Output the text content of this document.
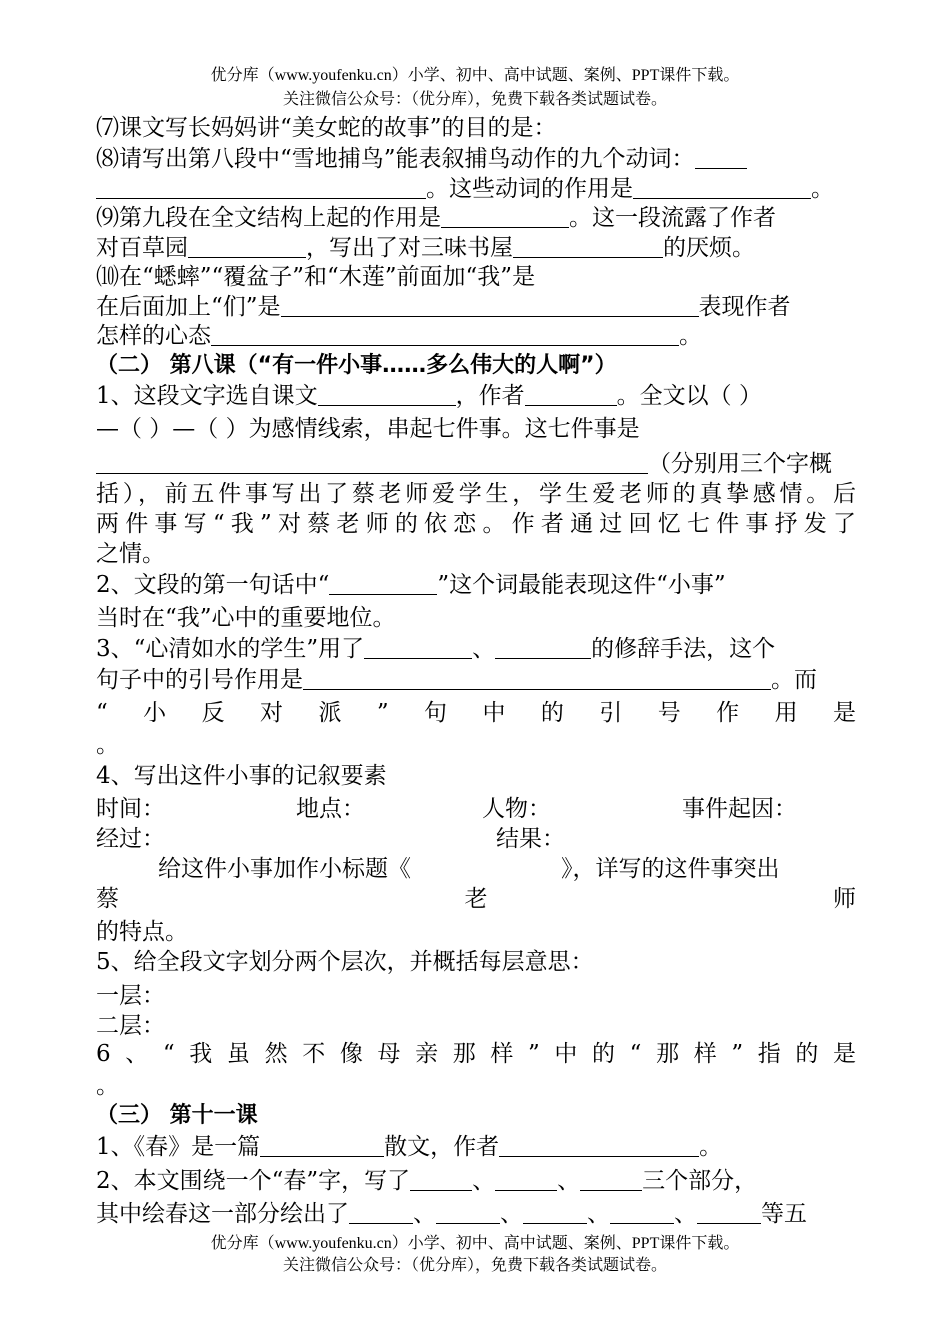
优分库（www.youfenku.cn）小学、初中、高中试题、案例、PPT课件下载。
关注微信公众号：（优分库），免费下载各类试题试卷。
⑺课文写长妈妈讲“美女蛇的故事”的目的是：
⑻请写出第八段中“雪地捕鸟”能表叙捕鸟动作的九个动词：
。这些动词的作用是	。
⑼第九段在全文结构上起的作用是	。这一段流露了作者
对百草园	，写出了对三味书屋	的厌烦。
⑽在“蟋蟀”“覆盆子”和“木莲”前面加“我”是
在后面加上“们”是	表现作者
怎样的心态	。
（二） 第八课（“有一件小事……多么伟大的人啊”）
1、这段文字选自课文	，作者	。全文以（ ）
—（ ）—（ ）为感情线索，串起七件事。这七件事是
（分别用三个字概
括），前五件事写出了蔡老师爱学生，学生爱老师的真挚感情。后
两件事写“我”对蔡老师的依恋。作者通过回忆七件事抒发了
之情。
2、文段的第一句话中“	”这个词最能表现这件“小事”
当时在“我”心中的重要地位。
3、“心清如水的学生”用了	、	的修辞手法，这个
句子中的引号作用是	。而
“小反对派”句中的引号作用是
。
4、写出这件小事的记叙要素
时间：	地点：	人物：	事件起因：
经过：	结果：
给这件小事加作小标题《	》，详写的这件事突出
蔡老师
的特点。
5、给全段文字划分两个层次，并概括每层意思：
一层：
二层：
6、“我虽然不像母亲那样”中的“那样”指的是
。
（三） 第十一课
1、《春》是一篇	散文，作者	。
2、本文围绕一个“春”字，写了	、	、	三个部分，
其中绘春这一部分绘出了	、	、	、	、	等五
优分库（www.youfenku.cn）小学、初中、高中试题、案例、PPT课件下载。
关注微信公众号：（优分库），免费下载各类试题试卷。
